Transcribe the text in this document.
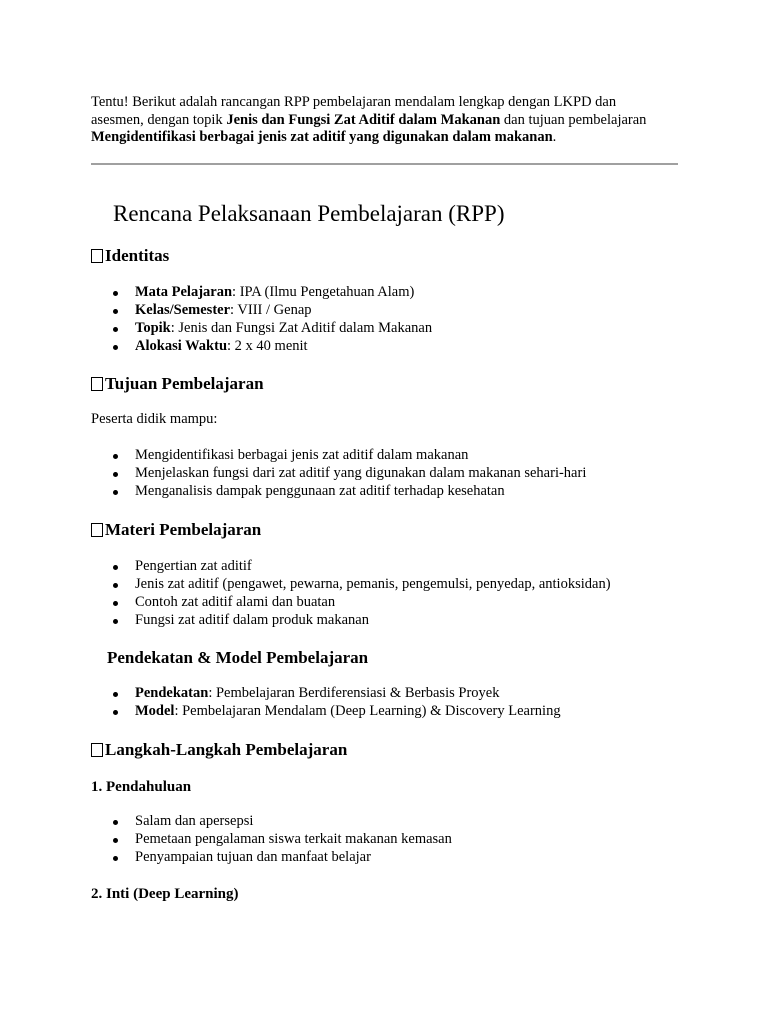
Tentu! Berikut adalah rancangan RPP pembelajaran mendalam lengkap dengan LKPD dan

asesmen, dengan topik Jenis dan Fungsi Zat Aditif dalam Makanan dan tujuan pembelajaran

Mengidentifikasi berbagai jenis zat aditif yang digunakan dalam makanan.

Rencana Pelaksanaan Pembelajaran (RPP)
Identitas
Mata Pelajaran: IPA (Ilmu Pengetahuan Alam)
Kelas/Semester: VIII / Genap
Topik: Jenis dan Fungsi Zat Aditif dalam Makanan
Alokasi Waktu: 2 x 40 menit
Tujuan Pembelajaran

Peserta didik mampu:

Mengidentifikasi berbagai jenis zat aditif dalam makanan
Menjelaskan fungsi dari zat aditif yang digunakan dalam makanan sehari-hari
Menganalisis dampak penggunaan zat aditif terhadap kesehatan
Materi Pembelajaran
Pengertian zat aditif
Jenis zat aditif (pengawet, pewarna, pemanis, pengemulsi, penyedap, antioksidan)
Contoh zat aditif alami dan buatan
Fungsi zat aditif dalam produk makanan
Pendekatan & Model Pembelajaran
Pendekatan: Pembelajaran Berdiferensiasi & Berbasis Proyek
Model: Pembelajaran Mendalam (Deep Learning) & Discovery Learning
Langkah-Langkah Pembelajaran
1. Pendahuluan
Salam dan apersepsi
Pemetaan pengalaman siswa terkait makanan kemasan
Penyampaian tujuan dan manfaat belajar
2. Inti (Deep Learning)
